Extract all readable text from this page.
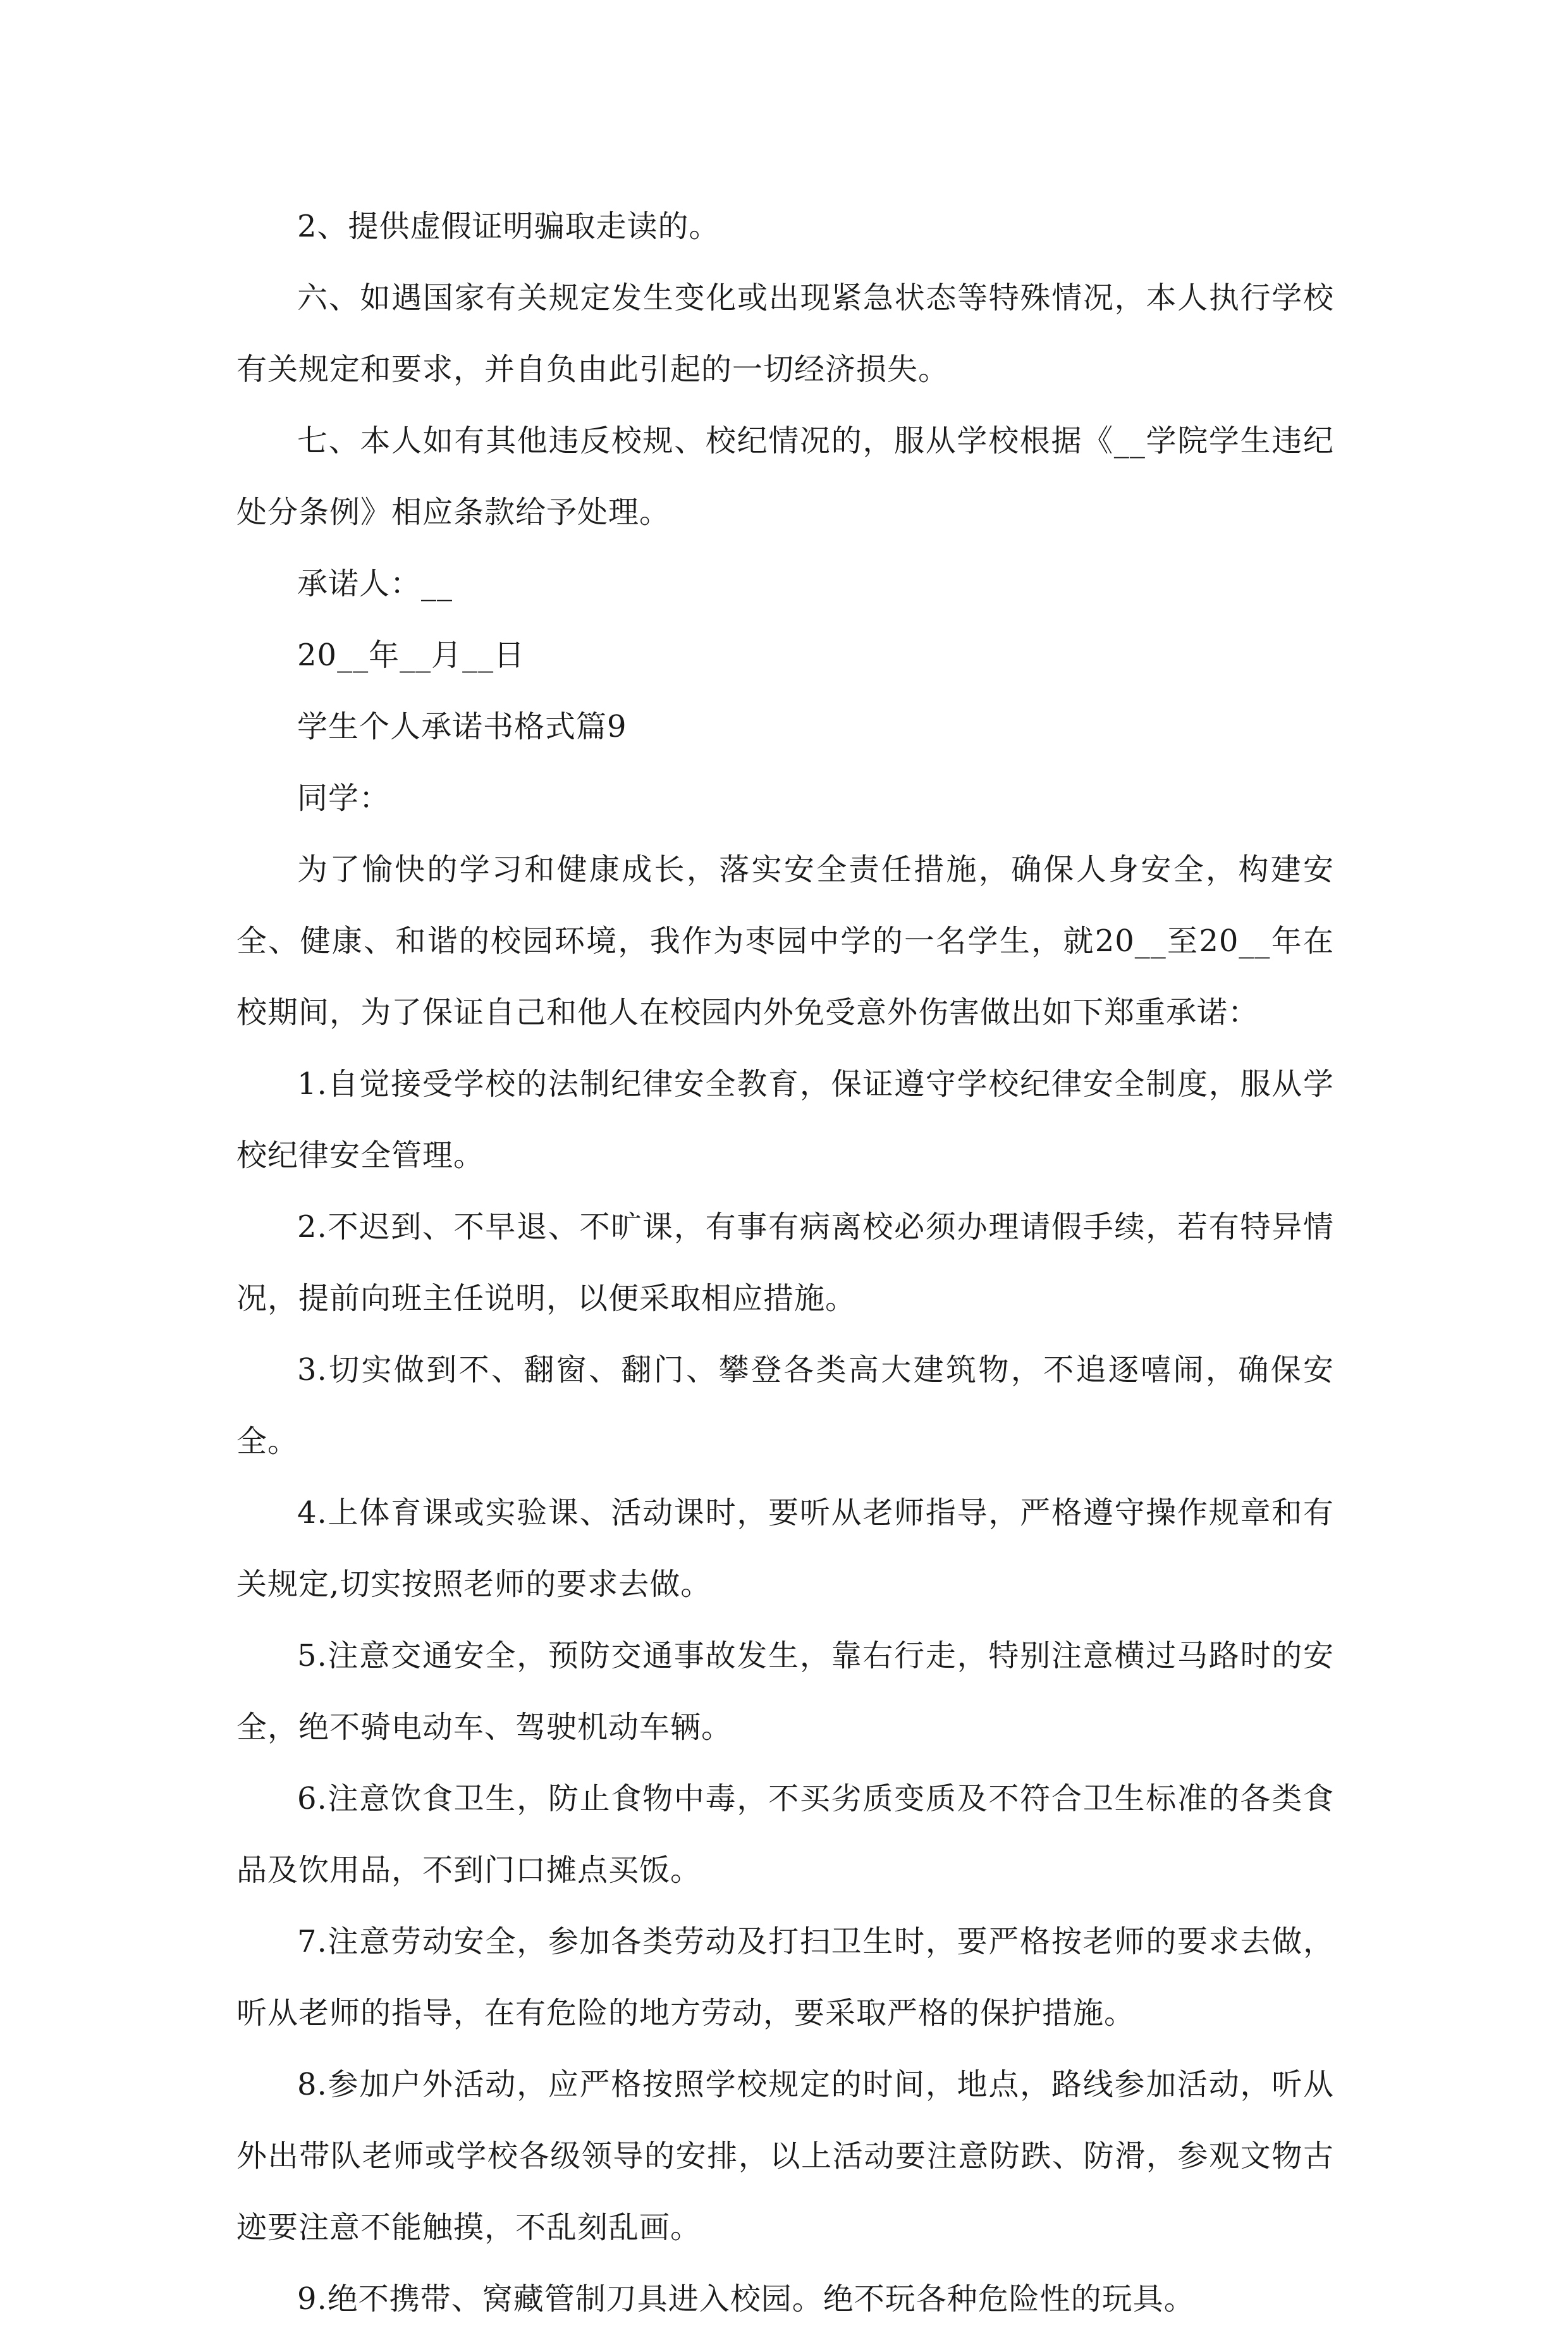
2、提供虚假证明骗取走读的。

六、如遇国家有关规定发生变化或出现紧急状态等特殊情况，本人执行学校有关规定和要求，并自负由此引起的一切经济损失。

七、本人如有其他违反校规、校纪情况的，服从学校根据《__学院学生违纪处分条例》相应条款给予处理。

承诺人：__

20__年__月__日

学生个人承诺书格式篇9

同学：

为了愉快的学习和健康成长，落实安全责任措施，确保人身安全，构建安全、健康、和谐的校园环境，我作为枣园中学的一名学生，就20__至20__年在校期间，为了保证自己和他人在校园内外免受意外伤害做出如下郑重承诺：

1.自觉接受学校的法制纪律安全教育，保证遵守学校纪律安全制度，服从学校纪律安全管理。

2.不迟到、不早退、不旷课，有事有病离校必须办理请假手续，若有特异情况，提前向班主任说明，以便采取相应措施。

3.切实做到不、翻窗、翻门、攀登各类高大建筑物，不追逐嘻闹，确保安全。

4.上体育课或实验课、活动课时，要听从老师指导，严格遵守操作规章和有关规定,切实按照老师的要求去做。

5.注意交通安全，预防交通事故发生，靠右行走，特别注意横过马路时的安全，绝不骑电动车、驾驶机动车辆。

6.注意饮食卫生，防止食物中毒，不买劣质变质及不符合卫生标准的各类食品及饮用品，不到门口摊点买饭。

7.注意劳动安全，参加各类劳动及打扫卫生时，要严格按老师的要求去做，听从老师的指导，在有危险的地方劳动，要采取严格的保护措施。

8.参加户外活动，应严格按照学校规定的时间，地点，路线参加活动，听从外出带队老师或学校各级领导的安排，以上活动要注意防跌、防滑，参观文物古迹要注意不能触摸，不乱刻乱画。

9.绝不携带、窝藏管制刀具进入校园。绝不玩各种危险性的玩具。
